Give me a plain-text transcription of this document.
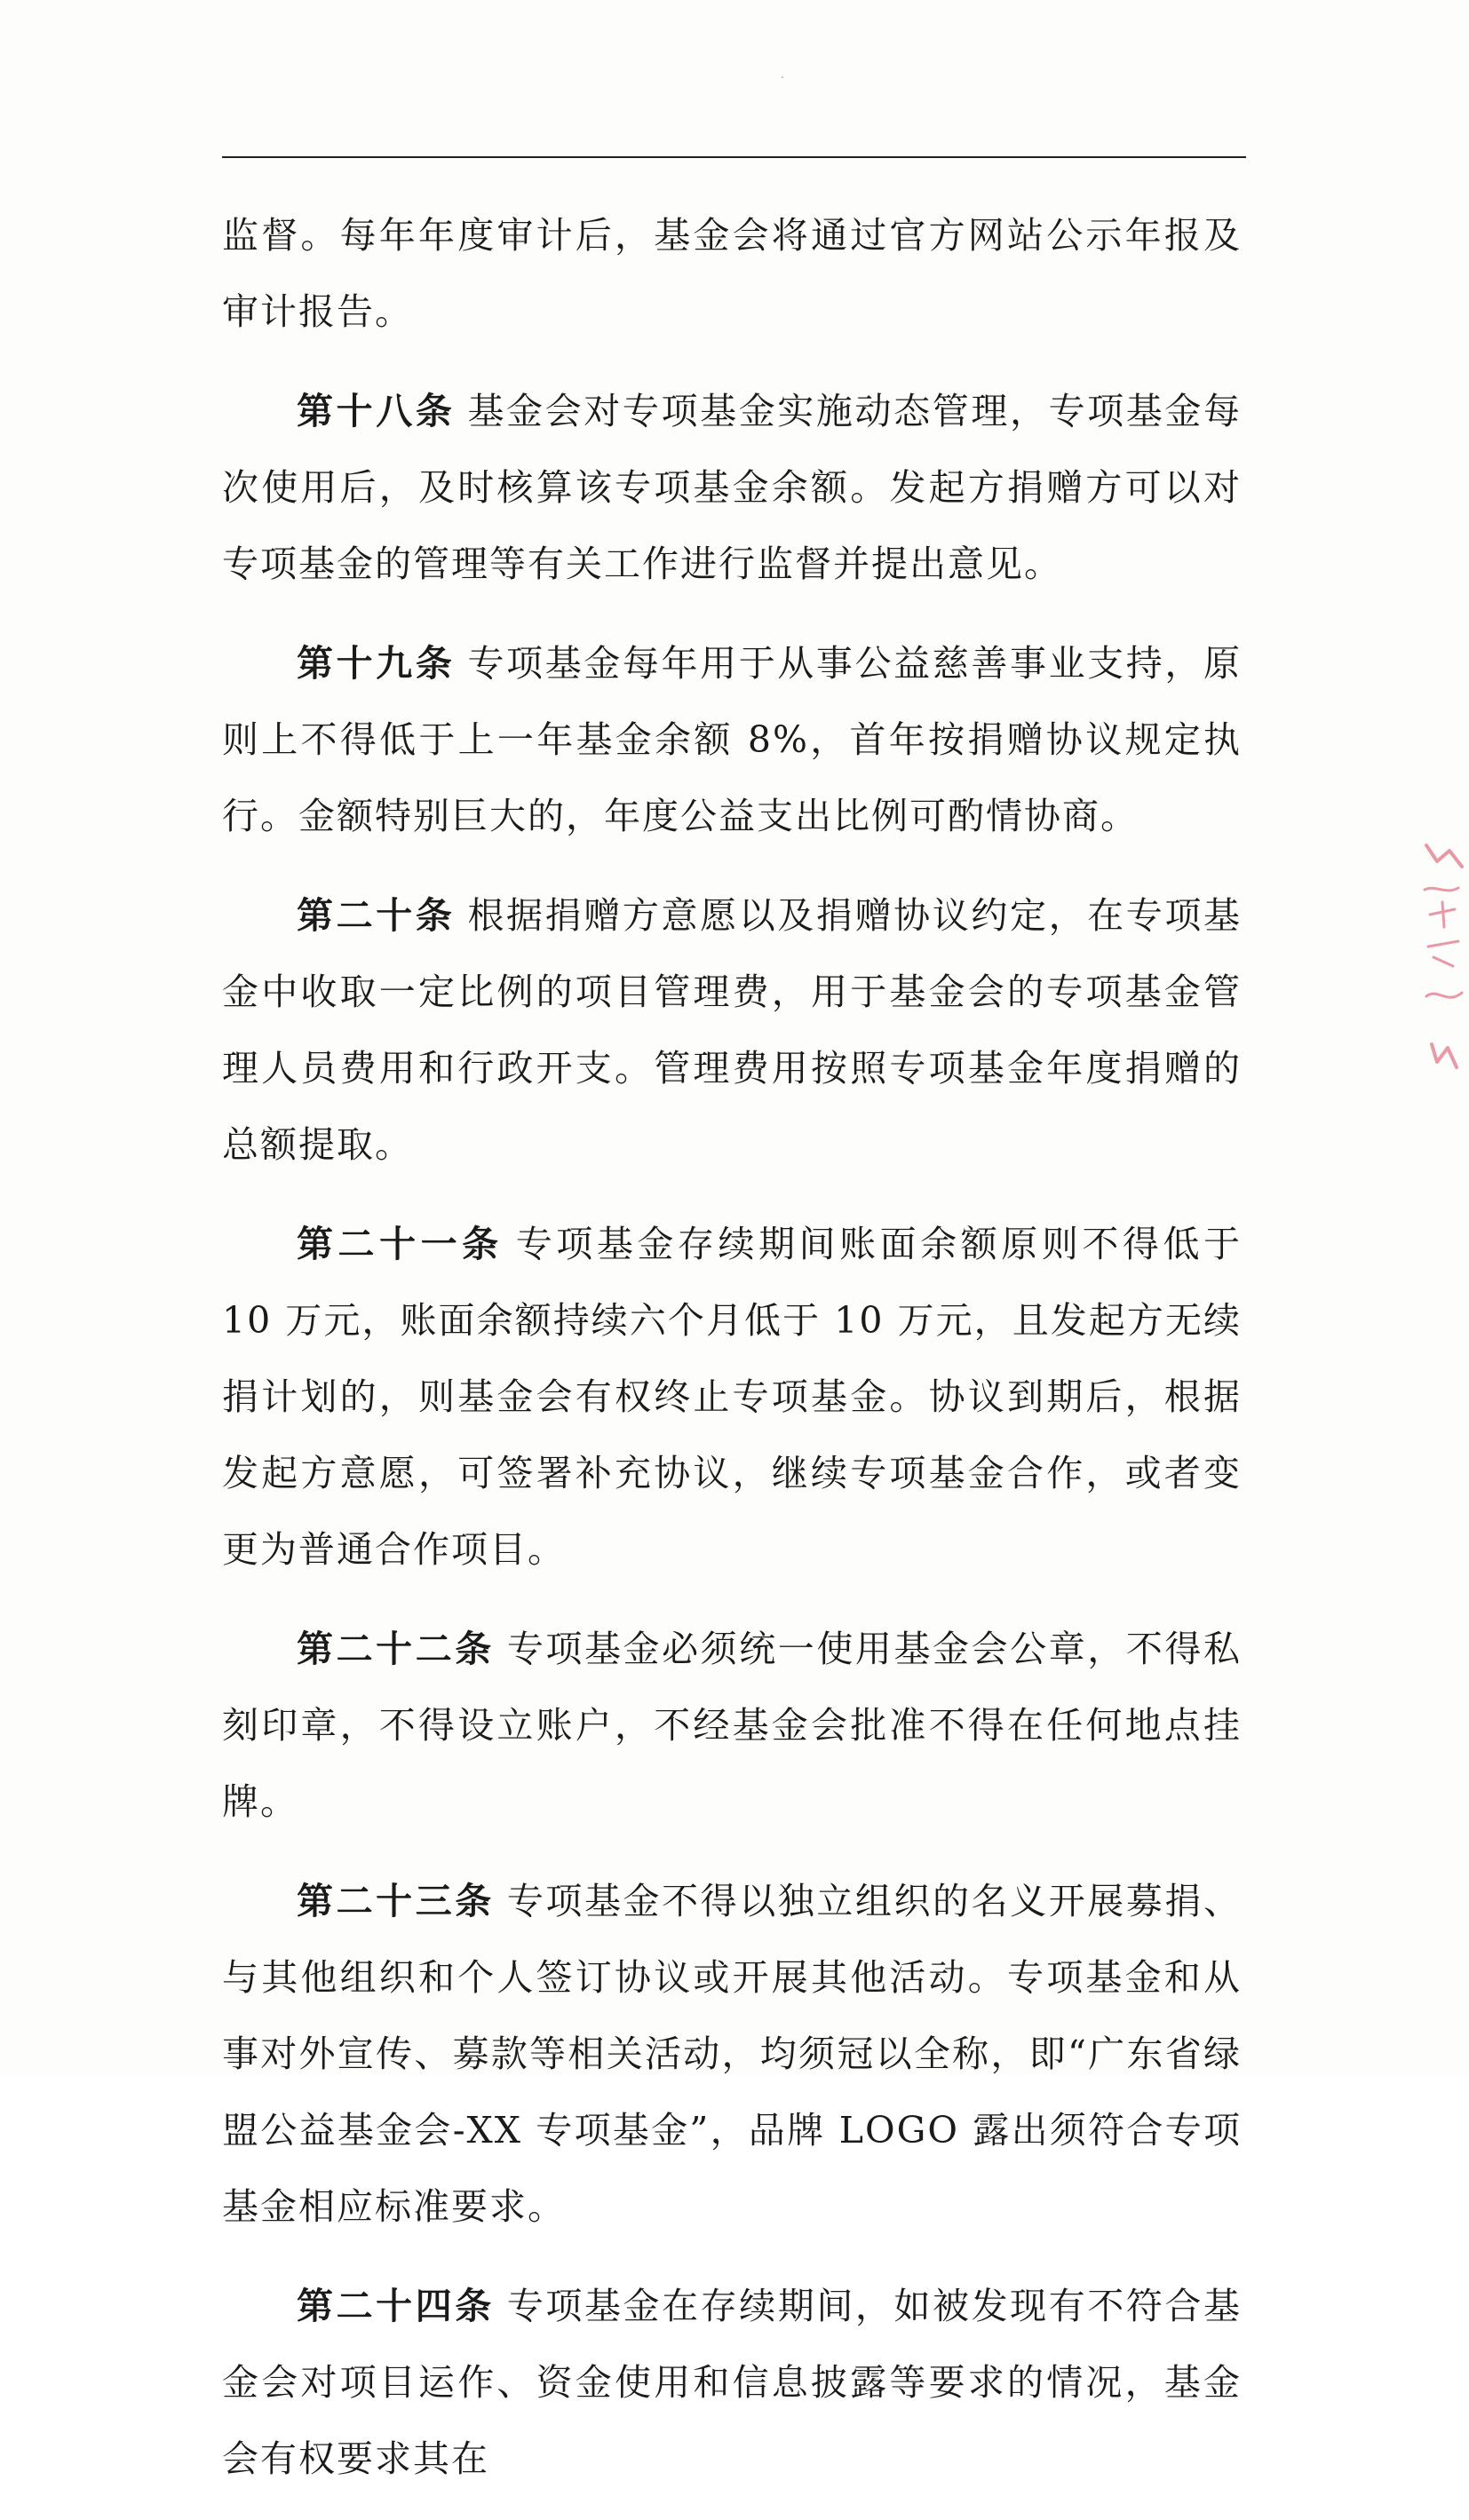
监督。每年年度审计后，基金会将通过官方网站公示年报及审计报告。

第十八条 基金会对专项基金实施动态管理，专项基金每次使用后，及时核算该专项基金余额。发起方捐赠方可以对专项基金的管理等有关工作进行监督并提出意见。

第十九条 专项基金每年用于从事公益慈善事业支持，原则上不得低于上一年基金余额 8%，首年按捐赠协议规定执行。金额特别巨大的，年度公益支出比例可酌情协商。

第二十条 根据捐赠方意愿以及捐赠协议约定，在专项基金中收取一定比例的项目管理费，用于基金会的专项基金管理人员费用和行政开支。管理费用按照专项基金年度捐赠的总额提取。

第二十一条 专项基金存续期间账面余额原则不得低于 10 万元，账面余额持续六个月低于 10 万元，且发起方无续捐计划的，则基金会有权终止专项基金。协议到期后，根据发起方意愿，可签署补充协议，继续专项基金合作，或者变更为普通合作项目。

第二十二条 专项基金必须统一使用基金会公章，不得私刻印章，不得设立账户，不经基金会批准不得在任何地点挂牌。

第二十三条 专项基金不得以独立组织的名义开展募捐、与其他组织和个人签订协议或开展其他活动。专项基金和从事对外宣传、募款等相关活动，均须冠以全称，即“广东省绿盟公益基金会-XX 专项基金”，品牌 LOGO 露出须符合专项基金相应标准要求。

第二十四条 专项基金在存续期间，如被发现有不符合基金会对项目运作、资金使用和信息披露等要求的情况，基金会有权要求其在
